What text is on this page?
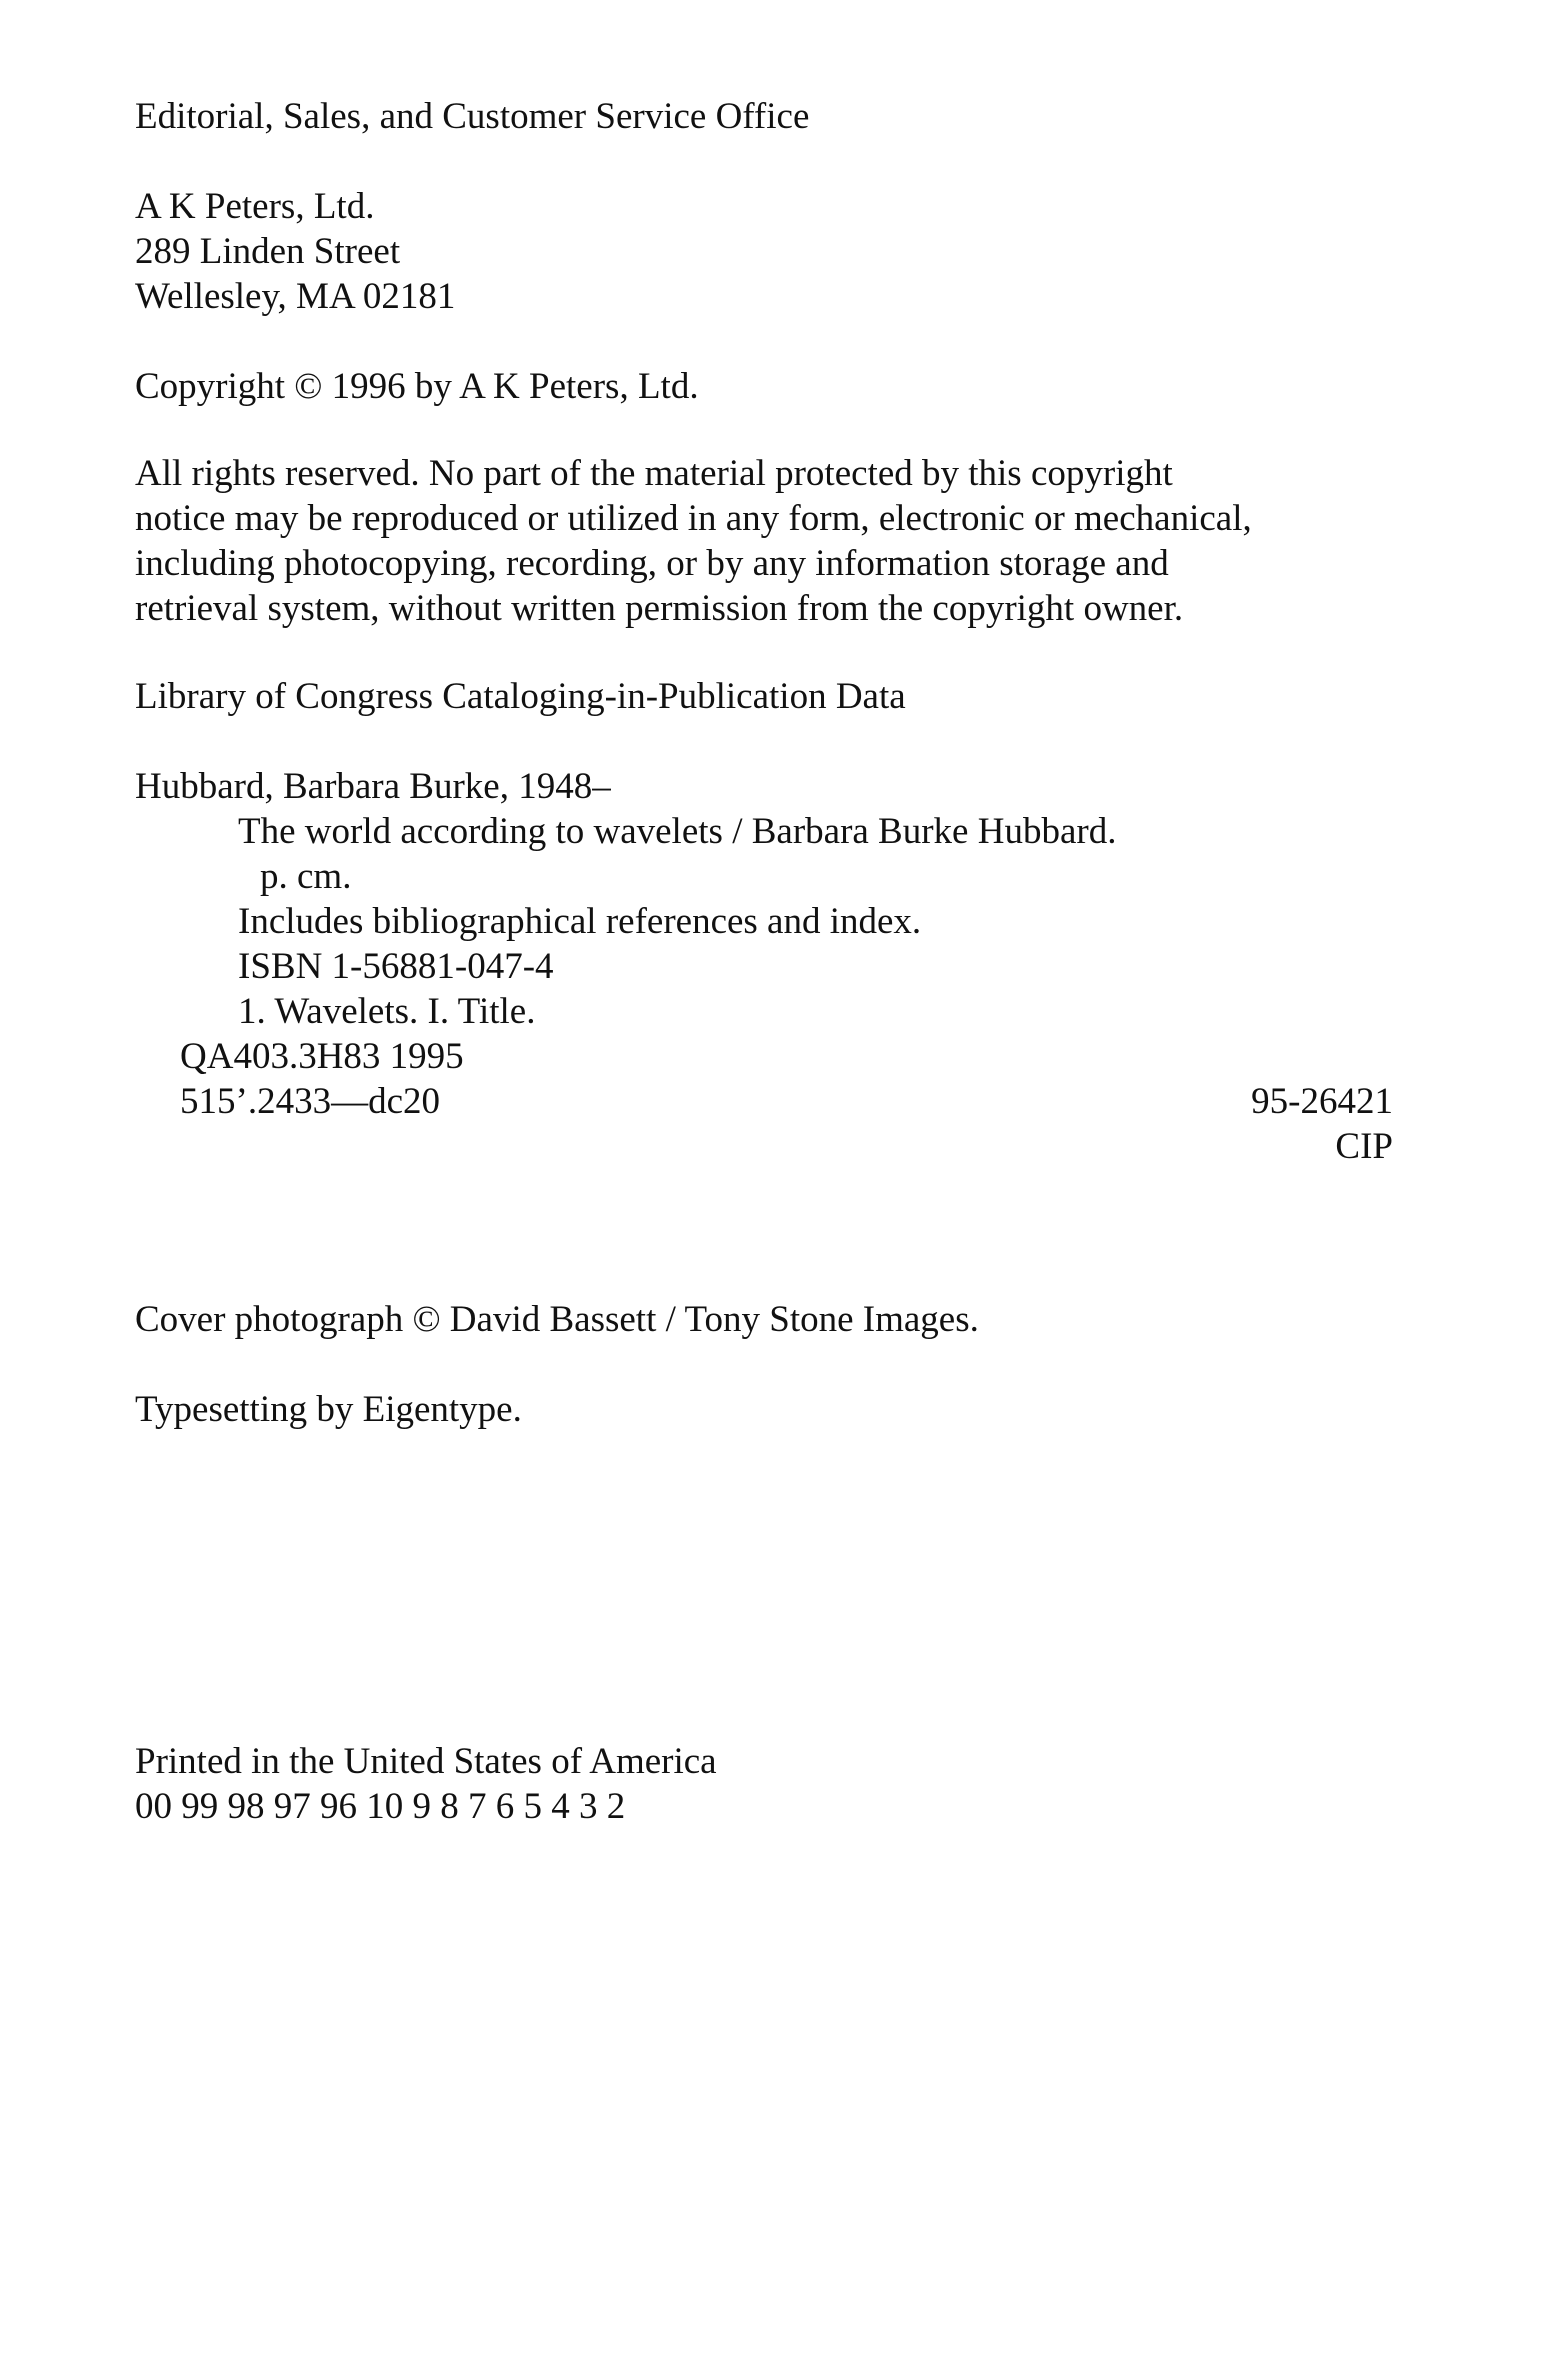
Editorial, Sales, and Customer Service Office
A K Peters, Ltd.
289 Linden Street
Wellesley, MA 02181
Copyright © 1996 by A K Peters, Ltd.
All rights reserved. No part of the material protected by this copyright
notice may be reproduced or utilized in any form, electronic or mechanical,
including photocopying, recording, or by any information storage and
retrieval system, without written permission from the copyright owner.
Library of Congress Cataloging-in-Publication Data
Hubbard, Barbara Burke, 1948–
The world according to wavelets / Barbara Burke Hubbard.
p. cm.
Includes bibliographical references and index.
ISBN 1-56881-047-4
1. Wavelets. I. Title.
QA403.3H83 1995
515’.2433—dc20	95-26421
CIP
Cover photograph © David Bassett / Tony Stone Images.
Typesetting by Eigentype.
Printed in the United States of America
00 99 98 97 96 10 9 8 7 6 5 4 3 2
